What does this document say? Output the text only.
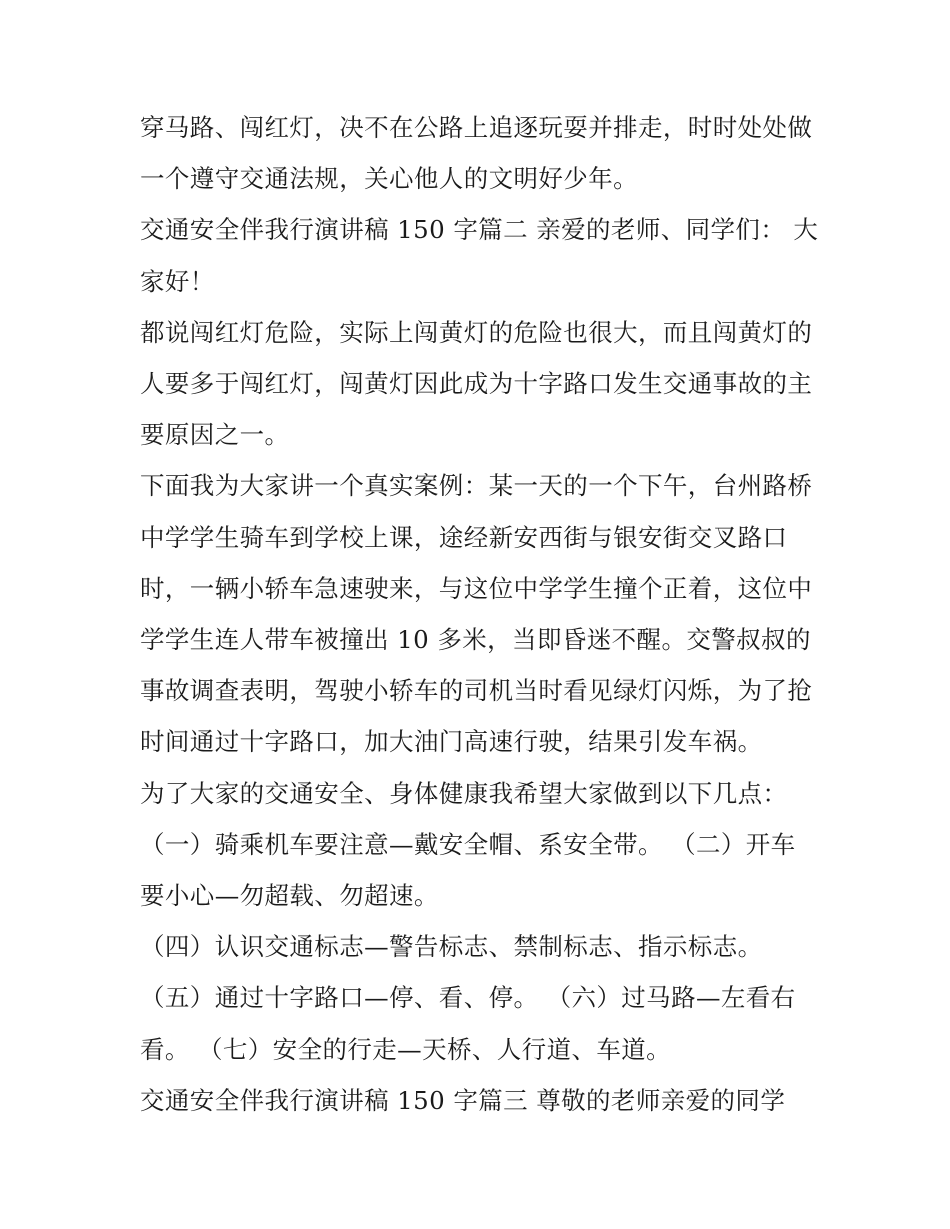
穿马路、闯红灯，决不在公路上追逐玩耍并排走，时时处处做

一个遵守交通法规，关心他人的文明好少年。

交通安全伴我行演讲稿 150 字篇二 亲爱的老师、同学们： 大

家好！

都说闯红灯危险，实际上闯黄灯的危险也很大，而且闯黄灯的

人要多于闯红灯，闯黄灯因此成为十字路口发生交通事故的主

要原因之一。

下面我为大家讲一个真实案例：某一天的一个下午，台州路桥

中学学生骑车到学校上课，途经新安西街与银安街交叉路口

时，一辆小轿车急速驶来，与这位中学学生撞个正着，这位中

学学生连人带车被撞出 10 多米，当即昏迷不醒。交警叔叔的

事故调查表明，驾驶小轿车的司机当时看见绿灯闪烁，为了抢

时间通过十字路口，加大油门高速行驶，结果引发车祸。

为了大家的交通安全、身体健康我希望大家做到以下几点：

（一）骑乘机车要注意—戴安全帽、系安全带。 （二）开车

要小心—勿超载、勿超速。

（四）认识交通标志—警告标志、禁制标志、指示标志。

（五）通过十字路口—停、看、停。 （六）过马路—左看右

看。 （七）安全的行走—天桥、人行道、车道。

交通安全伴我行演讲稿 150 字篇三 尊敬的老师亲爱的同学
